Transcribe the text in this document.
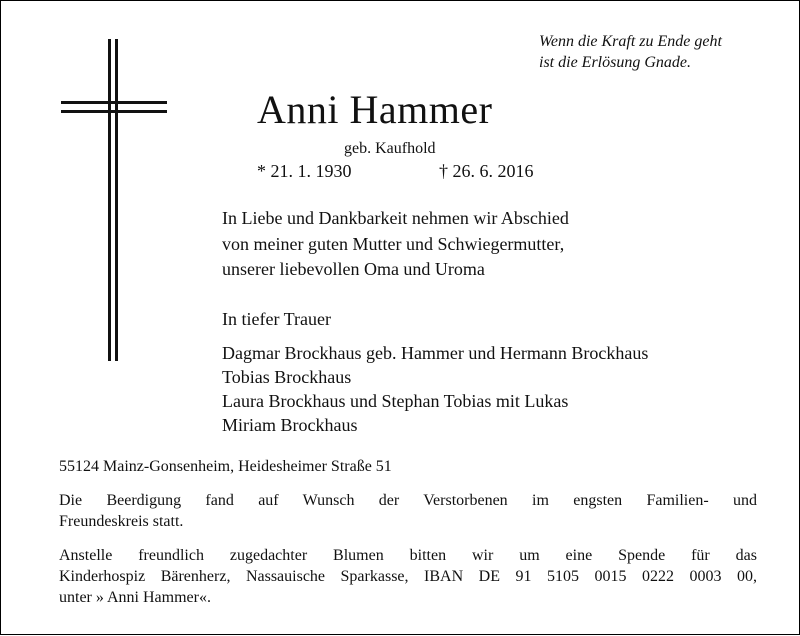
Wenn die Kraft zu Ende geht
ist die Erlösung Gnade.
Anni Hammer
geb. Kaufhold
* 21. 1. 1930	† 26. 6. 2016
In Liebe und Dankbarkeit nehmen wir Abschied
von meiner guten Mutter und Schwiegermutter,
unserer liebevollen Oma und Uroma
In tiefer Trauer
Dagmar Brockhaus geb. Hammer und Hermann Brockhaus
Tobias Brockhaus
Laura Brockhaus und Stephan Tobias mit Lukas
Miriam Brockhaus
55124 Mainz-Gonsenheim, Heidesheimer Straße 51
Die Beerdigung fand auf Wunsch der Verstorbenen im engsten Familien- und
Freundeskreis statt.
Anstelle freundlich zugedachter Blumen bitten wir um eine Spende für das
Kinderhospiz Bärenherz, Nassauische Sparkasse, IBAN DE 91 5105 0015 0222 0003 00,
unter » Anni Hammer«.
